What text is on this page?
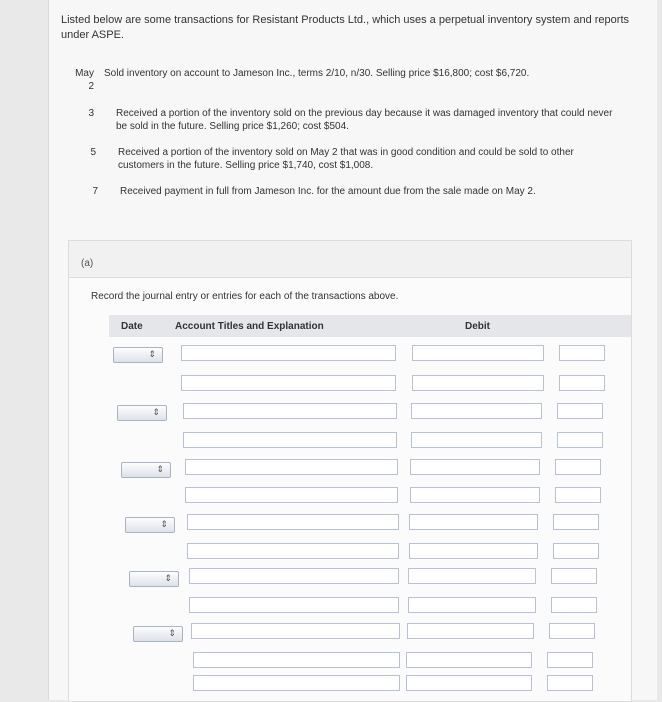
Listed below are some transactions for Resistant Products Ltd., which uses a perpetual inventory system and reports under ASPE.
May
2
Sold inventory on account to Jameson Inc., terms 2/10, n/30. Selling price $16,800; cost $6,720.
3 Received a portion of the inventory sold on the previous day because it was damaged inventory that could never be sold in the future. Selling price $1,260; cost $504.
5 Received a portion of the inventory sold on May 2 that was in good condition and could be sold to other customers in the future. Selling price $1,740, cost $1,008.
7 Received payment in full from Jameson Inc. for the amount due from the sale made on May 2.
(a)
Record the journal entry or entries for each of the transactions above.
Date	Account Titles and Explanation	Debit
⇕
⇕
⇕
⇕
⇕
⇕
